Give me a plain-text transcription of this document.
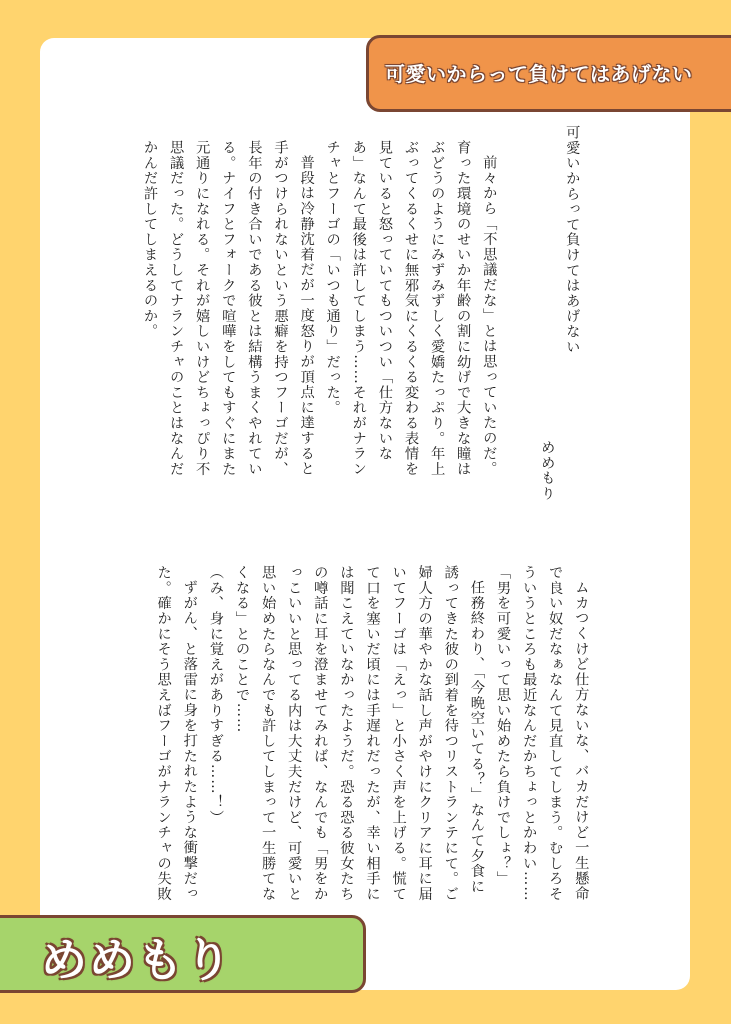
可愛いからって負けてはあげない
可愛いからって負けてはあげない
めめもり
前々から「不思議だな」とは思っていたのだ。
育った環境のせいか年齢の割に幼げで大きな瞳は
ぶどうのようにみずみずしく愛嬌たっぷり。年上
ぶってくるくせに無邪気にくるくる変わる表情を
見ていると怒っていてもついつい「仕方ないな
あ」なんて最後は許してしまう……それがナラン
チャとフーゴの「いつも通り」だった。
普段は冷静沈着だが一度怒りが頂点に達すると
手がつけられないという悪癖を持つフーゴだが、
長年の付き合いである彼とは結構うまくやれてい
る。ナイフとフォークで喧嘩をしてもすぐにまた
元通りになれる。それが嬉しいけどちょっぴり不
思議だった。どうしてナランチャのことはなんだ
かんだ許してしまえるのか。
ムカつくけど仕方ないな、バカだけど一生懸命
で良い奴だなぁなんて見直してしまう。むしろそ
ういうところも最近なんだかちょっとかわい……
「男を可愛いって思い始めたら負けでしょ？」
任務終わり、「今晩空いてる？」なんて夕食に
誘ってきた彼の到着を待つリストランテにて。ご
婦人方の華やかな話し声がやけにクリアに耳に届
いてフーゴは「えっ」と小さく声を上げる。慌て
て口を塞いだ頃には手遅れだったが、幸い相手に
は聞こえていなかったようだ。恐る恐る彼女たち
の噂話に耳を澄ませてみれば、なんでも「男をか
っこいいと思ってる内は大丈夫だけど、可愛いと
思い始めたらなんでも許してしまって一生勝てな
くなる」とのことで……
（み、身に覚えがありすぎる……！）
ずがん、と落雷に身を打たれたような衝撃だっ
た。確かにそう思えばフーゴがナランチャの失敗
めめもり
